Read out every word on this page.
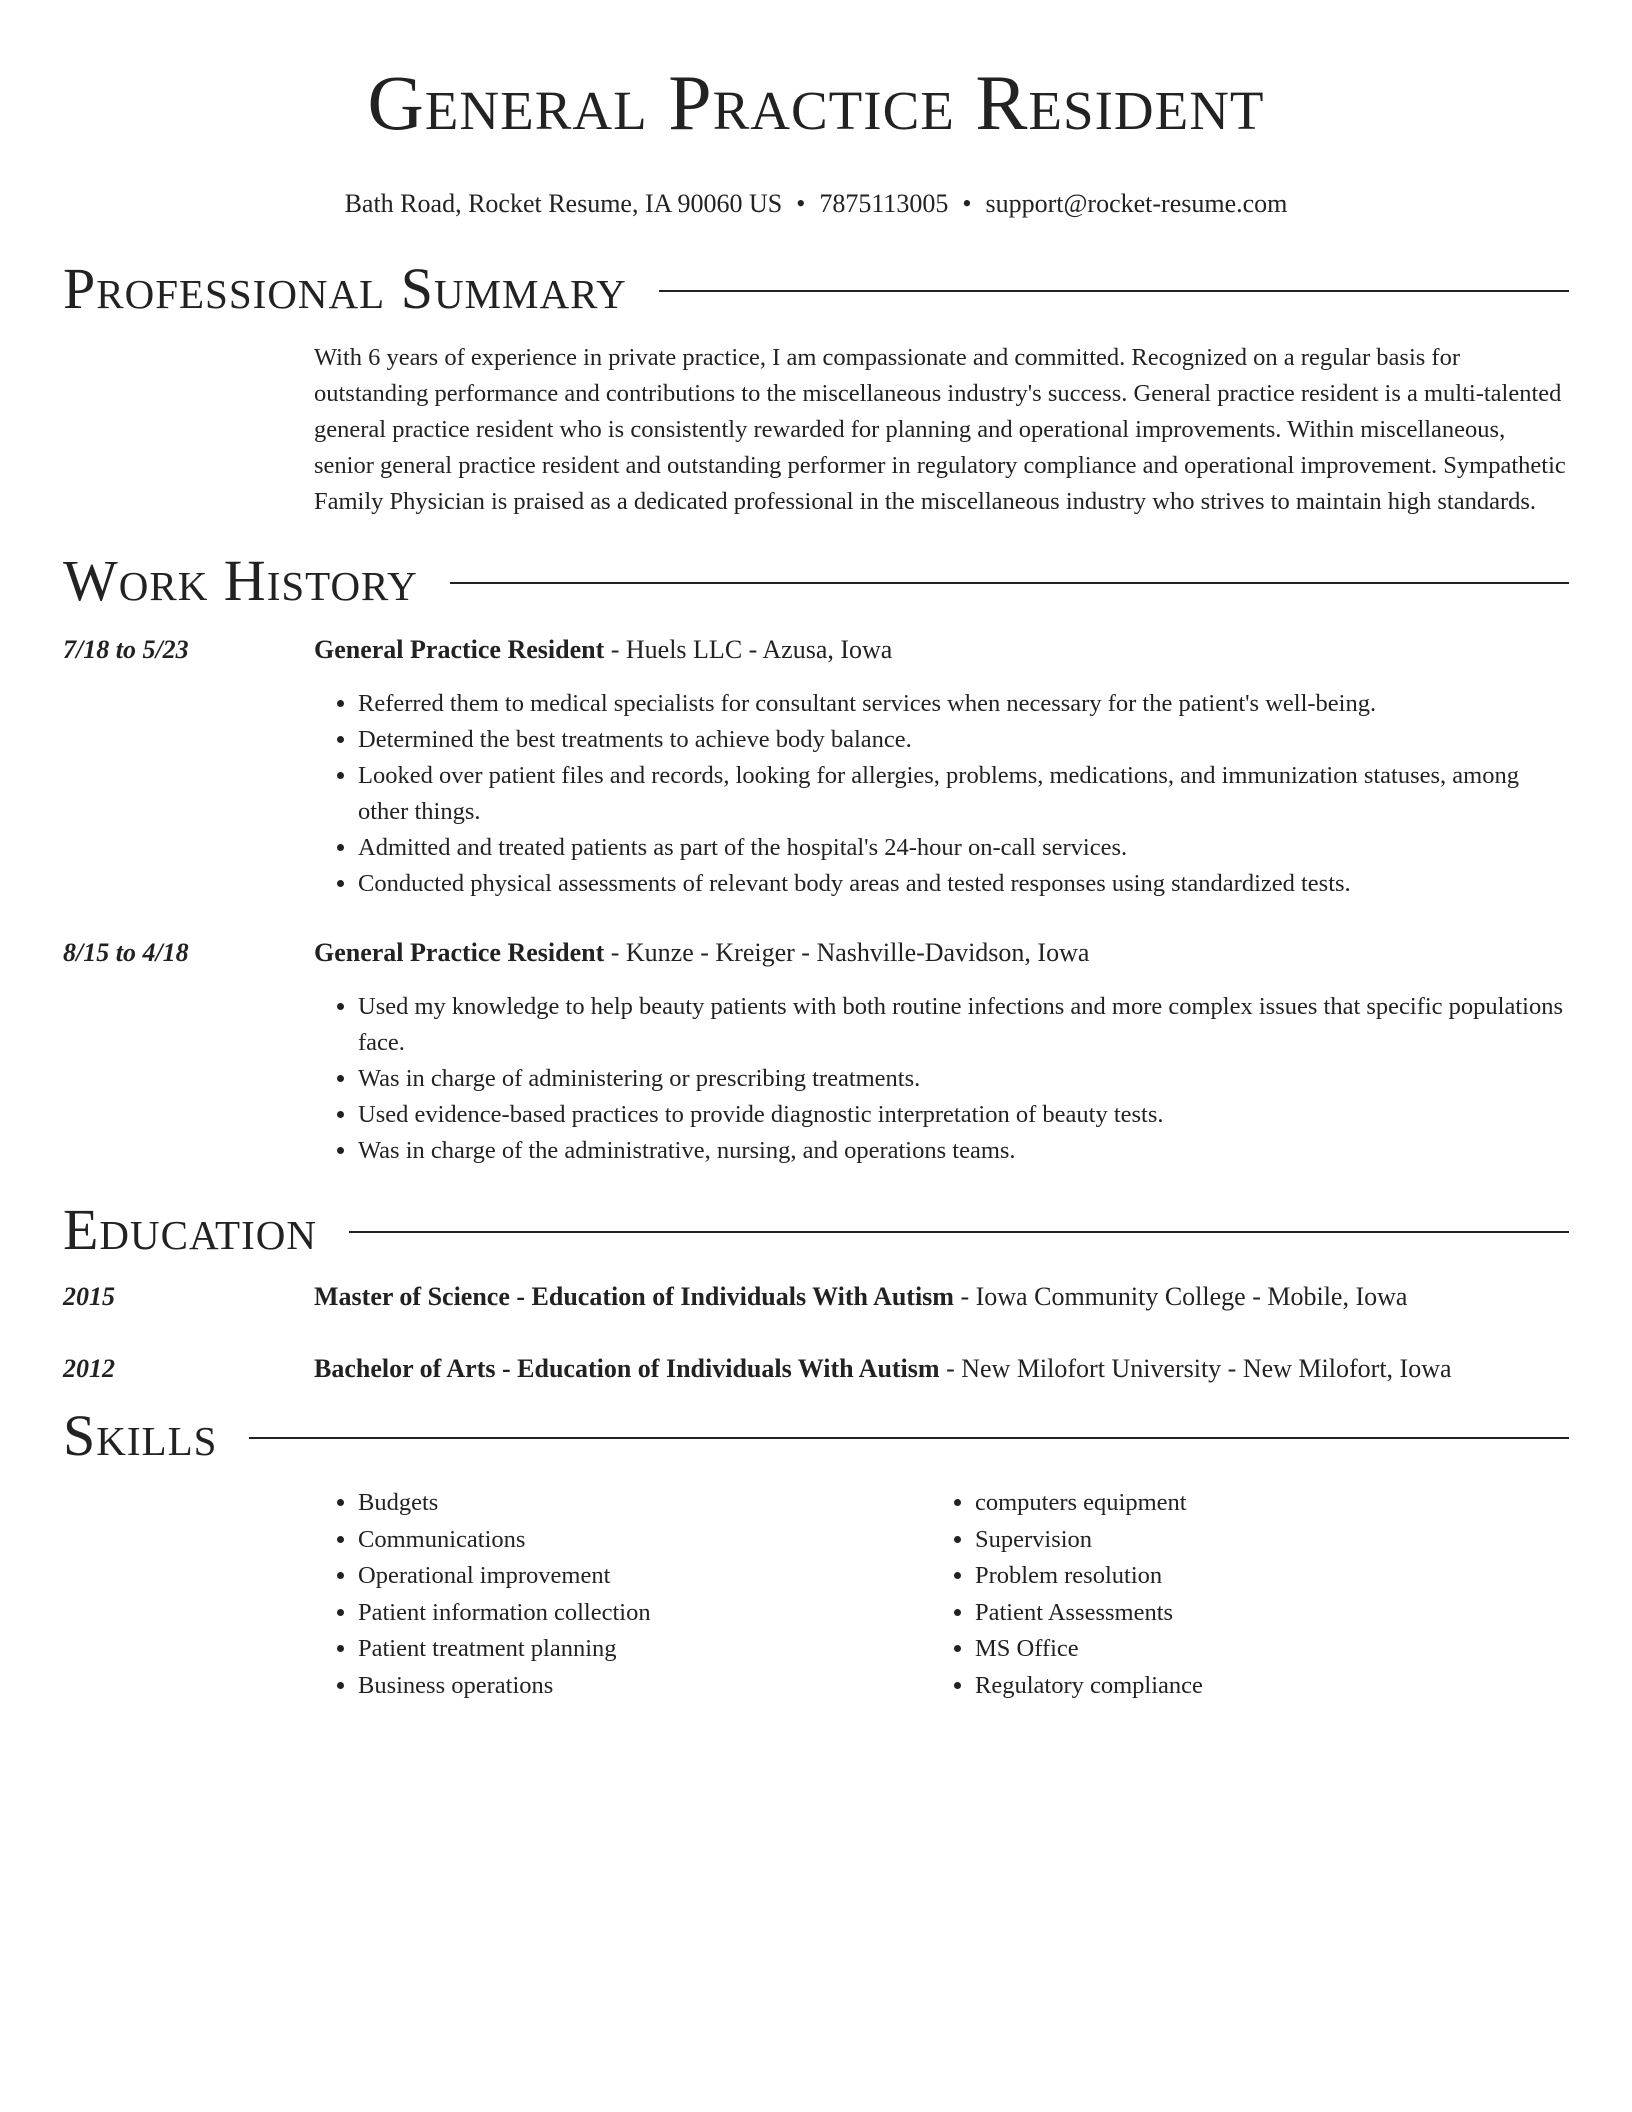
General Practice Resident
Bath Road, Rocket Resume, IA 90060 US • 7875113005 • support@rocket-resume.com
Professional Summary
With 6 years of experience in private practice, I am compassionate and committed. Recognized on a regular basis for outstanding performance and contributions to the miscellaneous industry's success. General practice resident is a multi-talented general practice resident who is consistently rewarded for planning and operational improvements. Within miscellaneous, senior general practice resident and outstanding performer in regulatory compliance and operational improvement. Sympathetic Family Physician is praised as a dedicated professional in the miscellaneous industry who strives to maintain high standards.
Work History
7/18 to 5/23	General Practice Resident - Huels LLC - Azusa, Iowa
• Referred them to medical specialists for consultant services when necessary for the patient's well-being.
• Determined the best treatments to achieve body balance.
• Looked over patient files and records, looking for allergies, problems, medications, and immunization statuses, among other things.
• Admitted and treated patients as part of the hospital's 24-hour on-call services.
• Conducted physical assessments of relevant body areas and tested responses using standardized tests.
8/15 to 4/18	General Practice Resident - Kunze - Kreiger - Nashville-Davidson, Iowa
• Used my knowledge to help beauty patients with both routine infections and more complex issues that specific populations face.
• Was in charge of administering or prescribing treatments.
• Used evidence-based practices to provide diagnostic interpretation of beauty tests.
• Was in charge of the administrative, nursing, and operations teams.
Education
2015	Master of Science - Education of Individuals With Autism - Iowa Community College - Mobile, Iowa
2012	Bachelor of Arts - Education of Individuals With Autism - New Milofort University - New Milofort, Iowa
Skills
• Budgets
• Communications
• Operational improvement
• Patient information collection
• Patient treatment planning
• Business operations
• computers equipment
• Supervision
• Problem resolution
• Patient Assessments
• MS Office
• Regulatory compliance
